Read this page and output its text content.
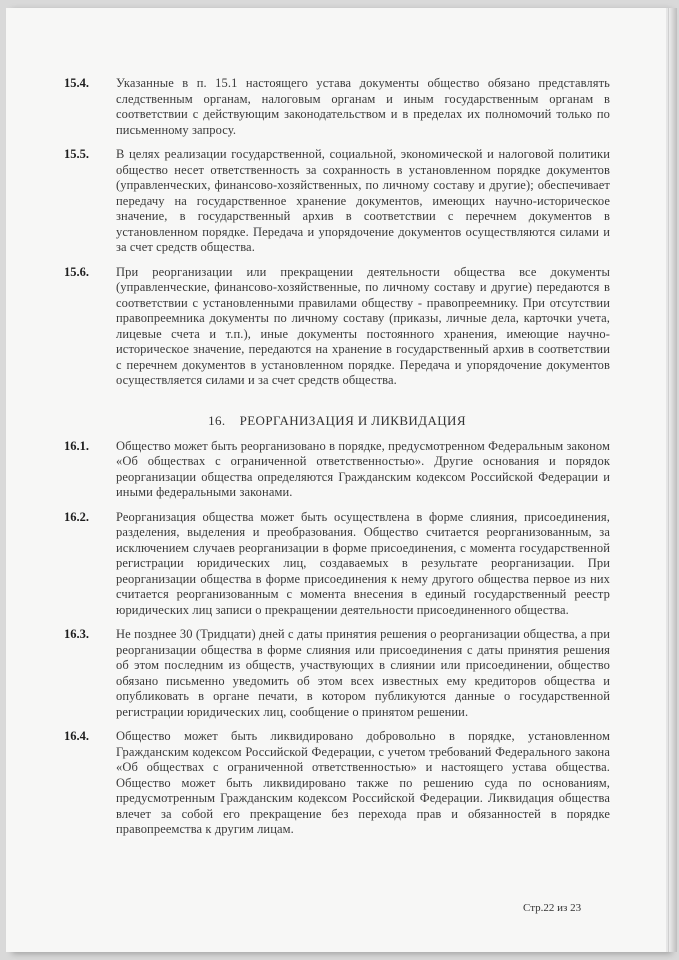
15.4.	Указанные в п. 15.1 настоящего устава документы общество обязано представлять следственным органам, налоговым органам и иным государственным органам в соответствии с действующим законодательством и в пределах их полномочий только по письменному запросу.
15.5.	В целях реализации государственной, социальной, экономической и налоговой политики общество несет ответственность за сохранность в установленном порядке документов (управленческих, финансово-хозяйственных, по личному составу и другие); обеспечивает передачу на государственное хранение документов, имеющих научно-историческое значение, в государственный архив в соответствии с перечнем документов в установленном порядке. Передача и упорядочение документов осуществляются силами и за счет средств общества.
15.6.	При реорганизации или прекращении деятельности общества все документы (управленческие, финансово-хозяйственные, по личному составу и другие) передаются в соответствии с установленными правилами обществу - правопреемнику. При отсутствии правопреемника документы по личному составу (приказы, личные дела, карточки учета, лицевые счета и т.п.), иные документы постоянного хранения, имеющие научно-историческое значение, передаются на хранение в государственный архив в соответствии с перечнем документов в установленном порядке. Передача и упорядочение документов осуществляется силами и за счет средств общества.
16. РЕОРГАНИЗАЦИЯ И ЛИКВИДАЦИЯ
16.1.	Общество может быть реорганизовано в порядке, предусмотренном Федеральным законом «Об обществах с ограниченной ответственностью». Другие основания и порядок реорганизации общества определяются Гражданским кодексом Российской Федерации и иными федеральными законами.
16.2.	Реорганизация общества может быть осуществлена в форме слияния, присоединения, разделения, выделения и преобразования. Общество считается реорганизованным, за исключением случаев реорганизации в форме присоединения, с момента государственной регистрации юридических лиц, создаваемых в результате реорганизации. При реорганизации общества в форме присоединения к нему другого общества первое из них считается реорганизованным с момента внесения в единый государственный реестр юридических лиц записи о прекращении деятельности присоединенного общества.
16.3.	Не позднее 30 (Тридцати) дней с даты принятия решения о реорганизации общества, а при реорганизации общества в форме слияния или присоединения с даты принятия решения об этом последним из обществ, участвующих в слиянии или присоединении, общество обязано письменно уведомить об этом всех известных ему кредиторов общества и опубликовать в органе печати, в котором публикуются данные о государственной регистрации юридических лиц, сообщение о принятом решении.
16.4.	Общество может быть ликвидировано добровольно в порядке, установленном Гражданским кодексом Российской Федерации, с учетом требований Федерального закона «Об обществах с ограниченной ответственностью» и настоящего устава общества. Общество может быть ликвидировано также по решению суда по основаниям, предусмотренным Гражданским кодексом Российской Федерации. Ликвидация общества влечет за собой его прекращение без перехода прав и обязанностей в порядке правопреемства к другим лицам.
Стр.22 из 23
